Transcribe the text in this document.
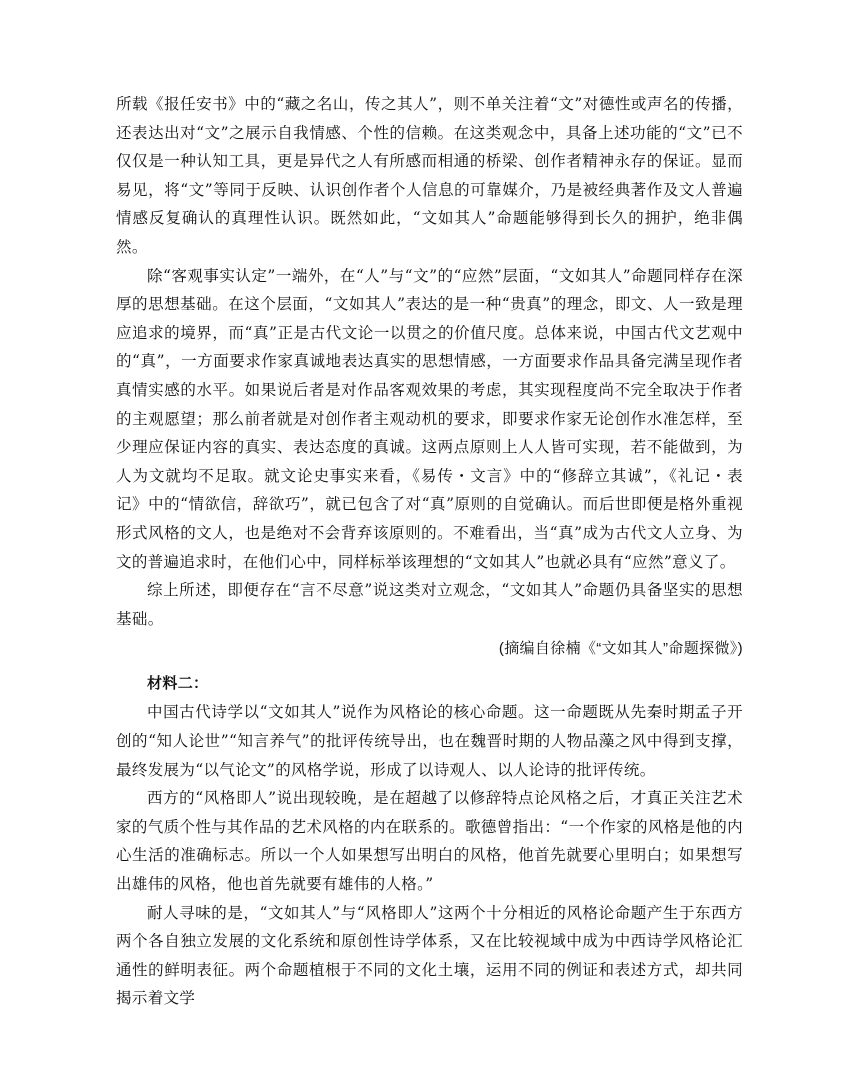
所载《报任安书》中的“藏之名山，传之其人”，则不单关注着“文”对德性或声名的传播，还表达出对“文”之展示自我情感、个性的信赖。在这类观念中，具备上述功能的“文”已不仅仅是一种认知工具，更是异代之人有所感而相通的桥梁、创作者精神永存的保证。显而易见，将“文”等同于反映、认识创作者个人信息的可靠媒介，乃是被经典著作及文人普遍情感反复确认的真理性认识。既然如此，“文如其人”命题能够得到长久的拥护，绝非偶然。

除“客观事实认定”一端外，在“人”与“文”的“应然”层面，“文如其人”命题同样存在深厚的思想基础。在这个层面，“文如其人”表达的是一种“贵真”的理念，即文、人一致是理应追求的境界，而“真”正是古代文论一以贯之的价值尺度。总体来说，中国古代文艺观中的“真”，一方面要求作家真诚地表达真实的思想情感，一方面要求作品具备完满呈现作者真情实感的水平。如果说后者是对作品客观效果的考虑，其实现程度尚不完全取决于作者的主观愿望；那么前者就是对创作者主观动机的要求，即要求作家无论创作水准怎样，至少理应保证内容的真实、表达态度的真诚。这两点原则上人人皆可实现，若不能做到，为人为文就均不足取。就文论史事实来看，《易传・文言》中的“修辞立其诚”，《礼记・表记》中的“情欲信，辞欲巧”，就已包含了对“真”原则的自觉确认。而后世即便是格外重视形式风格的文人，也是绝对不会背弃该原则的。不难看出，当“真”成为古代文人立身、为文的普遍追求时，在他们心中，同样标举该理想的“文如其人”也就必具有“应然”意义了。

综上所述，即便存在“言不尽意”说这类对立观念，“文如其人”命题仍具备坚实的思想基础。

(摘编自徐楠《“文如其人”命题探微》)

材料二：

中国古代诗学以“文如其人”说作为风格论的核心命题。这一命题既从先秦时期孟子开创的“知人论世”“知言养气”的批评传统导出，也在魏晋时期的人物品藻之风中得到支撑，最终发展为“以气论文”的风格学说，形成了以诗观人、以人论诗的批评传统。

西方的“风格即人”说出现较晚，是在超越了以修辞特点论风格之后，才真正关注艺术家的气质个性与其作品的艺术风格的内在联系的。歌德曾指出：“一个作家的风格是他的内心生活的准确标志。所以一个人如果想写出明白的风格，他首先就要心里明白；如果想写出雄伟的风格，他也首先就要有雄伟的人格。”

耐人寻味的是，“文如其人”与“风格即人”这两个十分相近的风格论命题产生于东西方两个各自独立发展的文化系统和原创性诗学体系，又在比较视域中成为中西诗学风格论汇通性的鲜明表征。两个命题植根于不同的文化土壤，运用不同的例证和表述方式，却共同揭示着文学
